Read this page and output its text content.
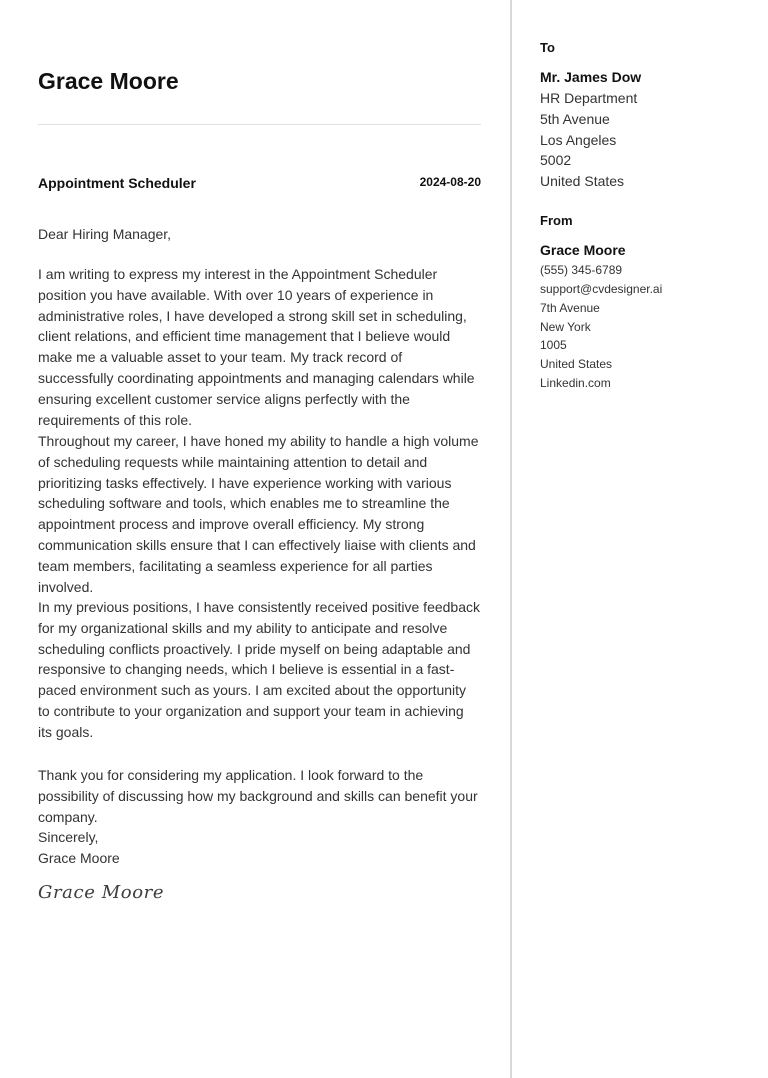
Grace Moore
Appointment Scheduler	2024-08-20
Dear Hiring Manager,

I am writing to express my interest in the Appointment Scheduler position you have available. With over 10 years of experience in administrative roles, I have developed a strong skill set in scheduling, client relations, and efficient time management that I believe would make me a valuable asset to your team. My track record of successfully coordinating appointments and managing calendars while ensuring excellent customer service aligns perfectly with the requirements of this role.

Throughout my career, I have honed my ability to handle a high volume of scheduling requests while maintaining attention to detail and prioritizing tasks effectively. I have experience working with various scheduling software and tools, which enables me to streamline the appointment process and improve overall efficiency. My strong communication skills ensure that I can effectively liaise with clients and team members, facilitating a seamless experience for all parties involved.

In my previous positions, I have consistently received positive feedback for my organizational skills and my ability to anticipate and resolve scheduling conflicts proactively. I pride myself on being adaptable and responsive to changing needs, which I believe is essential in a fast-paced environment such as yours. I am excited about the opportunity to contribute to your organization and support your team in achieving its goals.

Thank you for considering my application. I look forward to the possibility of discussing how my background and skills can benefit your company.

Sincerely,
Grace Moore
Grace Moore
To
Mr. James Dow
HR Department
5th Avenue
Los Angeles
5002
United States
From
Grace Moore
(555) 345-6789
support@cvdesigner.ai
7th Avenue
New York
1005
United States
Linkedin.com
